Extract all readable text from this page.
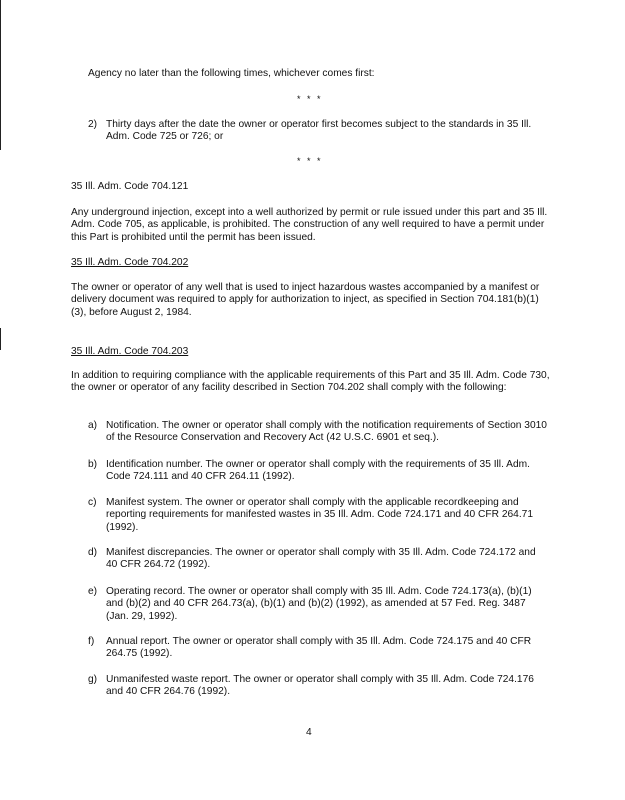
Agency no later than the following times, whichever comes first:
* * *
2) Thirty days after the date the owner or operator first becomes subject to the standards in 35 Ill. Adm. Code 725 or 726; or
* * *
35 Ill. Adm. Code 704.121
Any underground injection, except into a well authorized by permit or rule issued under this part and 35 Ill. Adm. Code 705, as applicable, is prohibited. The construction of any well required to have a permit under this Part is prohibited until the permit has been issued.
35 Ill. Adm. Code 704.202
The owner or operator of any well that is used to inject hazardous wastes accompanied by a manifest or delivery document was required to apply for authorization to inject, as specified in Section 704.181(b)(1)(3), before August 2, 1984.
35 Ill. Adm. Code 704.203
In addition to requiring compliance with the applicable requirements of this Part and 35 Ill. Adm. Code 730, the owner or operator of any facility described in Section 704.202 shall comply with the following:
a) Notification. The owner or operator shall comply with the notification requirements of Section 3010 of the Resource Conservation and Recovery Act (42 U.S.C. 6901 et seq.).
b) Identification number. The owner or operator shall comply with the requirements of 35 Ill. Adm. Code 724.111 and 40 CFR 264.11 (1992).
c) Manifest system. The owner or operator shall comply with the applicable recordkeeping and reporting requirements for manifested wastes in 35 Ill. Adm. Code 724.171 and 40 CFR 264.71 (1992).
d) Manifest discrepancies. The owner or operator shall comply with 35 Ill. Adm. Code 724.172 and 40 CFR 264.72 (1992).
e) Operating record. The owner or operator shall comply with 35 Ill. Adm. Code 724.173(a), (b)(1) and (b)(2) and 40 CFR 264.73(a), (b)(1) and (b)(2) (1992), as amended at 57 Fed. Reg. 3487 (Jan. 29, 1992).
f) Annual report. The owner or operator shall comply with 35 Ill. Adm. Code 724.175 and 40 CFR 264.75 (1992).
g) Unmanifested waste report. The owner or operator shall comply with 35 Ill. Adm. Code 724.176 and 40 CFR 264.76 (1992).
4
